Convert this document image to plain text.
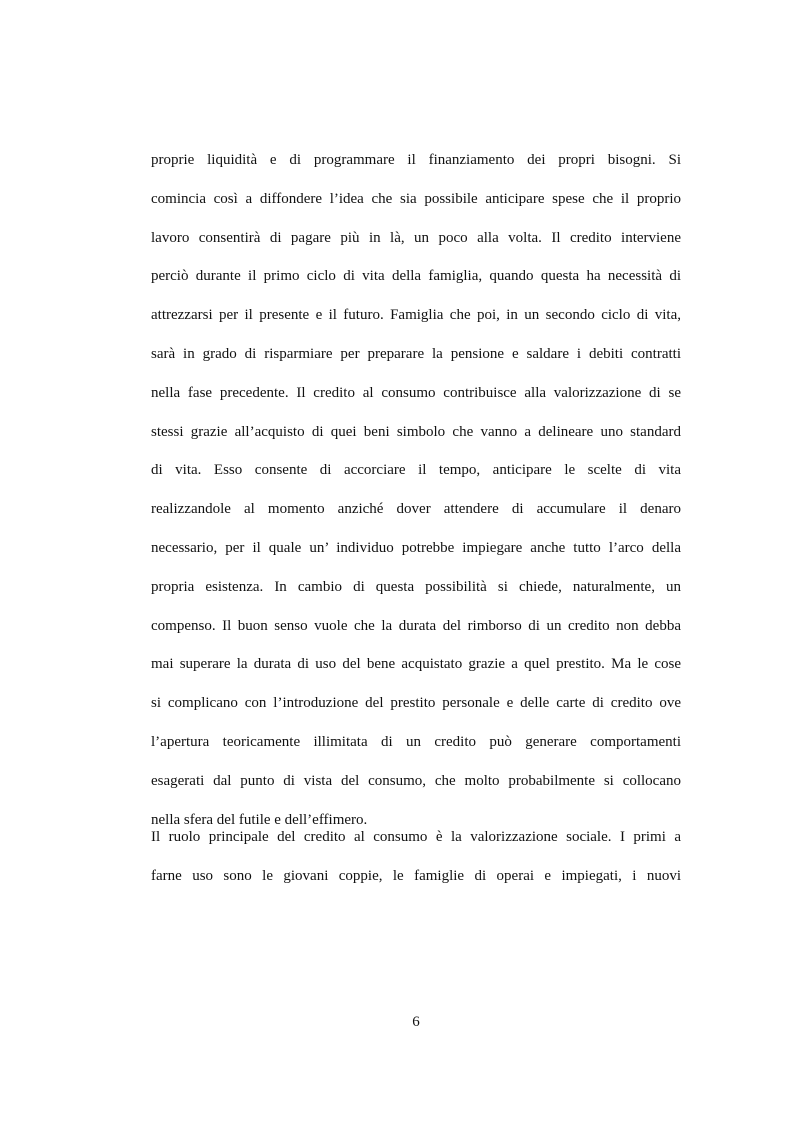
proprie liquidità e di programmare il finanziamento dei propri bisogni. Si
comincia così a diffondere l’idea che sia possibile anticipare spese che il proprio
lavoro consentirà di pagare più in là, un poco alla volta. Il credito interviene
perciò durante il primo ciclo di vita della famiglia, quando questa ha necessità di
attrezzarsi per il presente e il futuro. Famiglia che poi, in un secondo ciclo di vita,
sarà in grado di risparmiare per preparare la pensione e saldare i debiti contratti
nella fase precedente. Il credito al consumo contribuisce alla valorizzazione di se
stessi grazie all’acquisto di quei beni simbolo che vanno a delineare uno standard
di vita. Esso consente di accorciare il tempo, anticipare le scelte di vita
realizzandole al momento anziché dover attendere di accumulare il denaro
necessario, per il quale un’ individuo potrebbe impiegare anche tutto l’arco della
propria esistenza. In cambio di questa possibilità si chiede, naturalmente, un
compenso. Il buon senso vuole che la durata del rimborso di un credito non debba
mai superare la durata di uso del bene acquistato grazie a quel prestito. Ma le cose
si complicano con l’introduzione del prestito personale e delle carte di credito ove
l’apertura teoricamente illimitata di un credito può generare comportamenti
esagerati dal punto di vista del consumo, che molto probabilmente si collocano
nella sfera del futile e dell’effimero.
Il ruolo principale del credito al consumo è la valorizzazione sociale. I primi a
farne uso sono le giovani coppie, le famiglie di operai e impiegati, i nuovi
6
